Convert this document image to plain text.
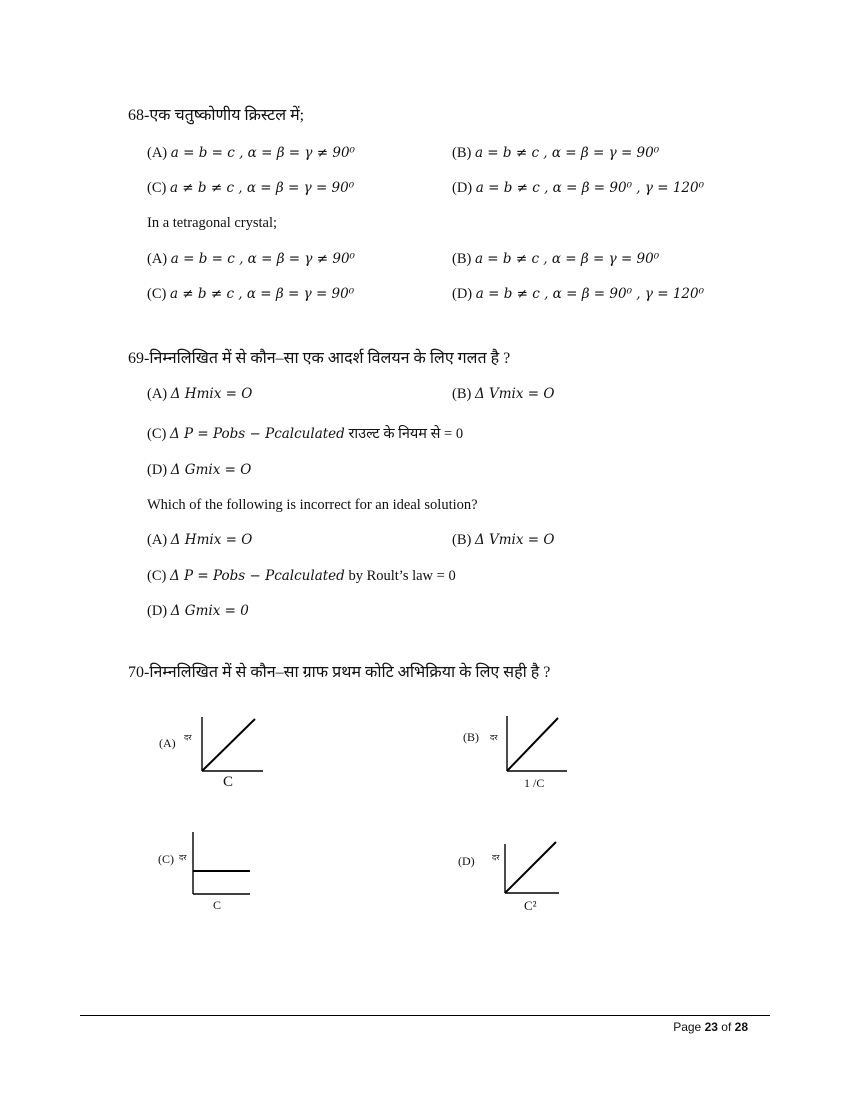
68-एक चतुष्कोणीय क्रिस्टल में;
(A) a = b = c , α = β = γ ≠ 90⁰	(B) a = b ≠ c , α = β = γ = 90⁰
(C) a ≠ b ≠ c , α = β = γ = 90⁰	(D) a = b ≠ c , α = β = 90⁰ , γ = 120⁰
In a tetragonal crystal;
(A) a = b = c , α = β = γ ≠ 90⁰	(B) a = b ≠ c , α = β = γ = 90⁰
(C) a ≠ b ≠ c , α = β = γ = 90⁰	(D) a = b ≠ c , α = β = 90⁰ , γ = 120⁰
69-निम्नलिखित में से कौन–सा एक आदर्श विलयन के लिए गलत है ?
(A) Δ Hmix = O	(B) Δ Vmix = O
(C) Δ P = Pobs − Pcalculated राउल्ट के नियम से = 0
(D) Δ Gmix = O
Which of the following is incorrect for an ideal solution?
(A) Δ Hmix = O	(B) Δ Vmix = O
(C) Δ P = Pobs − Pcalculated by Roult’s law = 0
(D) Δ Gmix = 0
70-निम्नलिखित में से कौन–सा ग्राफ प्रथम कोटि अभिक्रिया के लिए सही है ?
(A) दर
C
(B) दर
1 /C
(C) दर
C
(D) दर
C²
Page 23 of 28
